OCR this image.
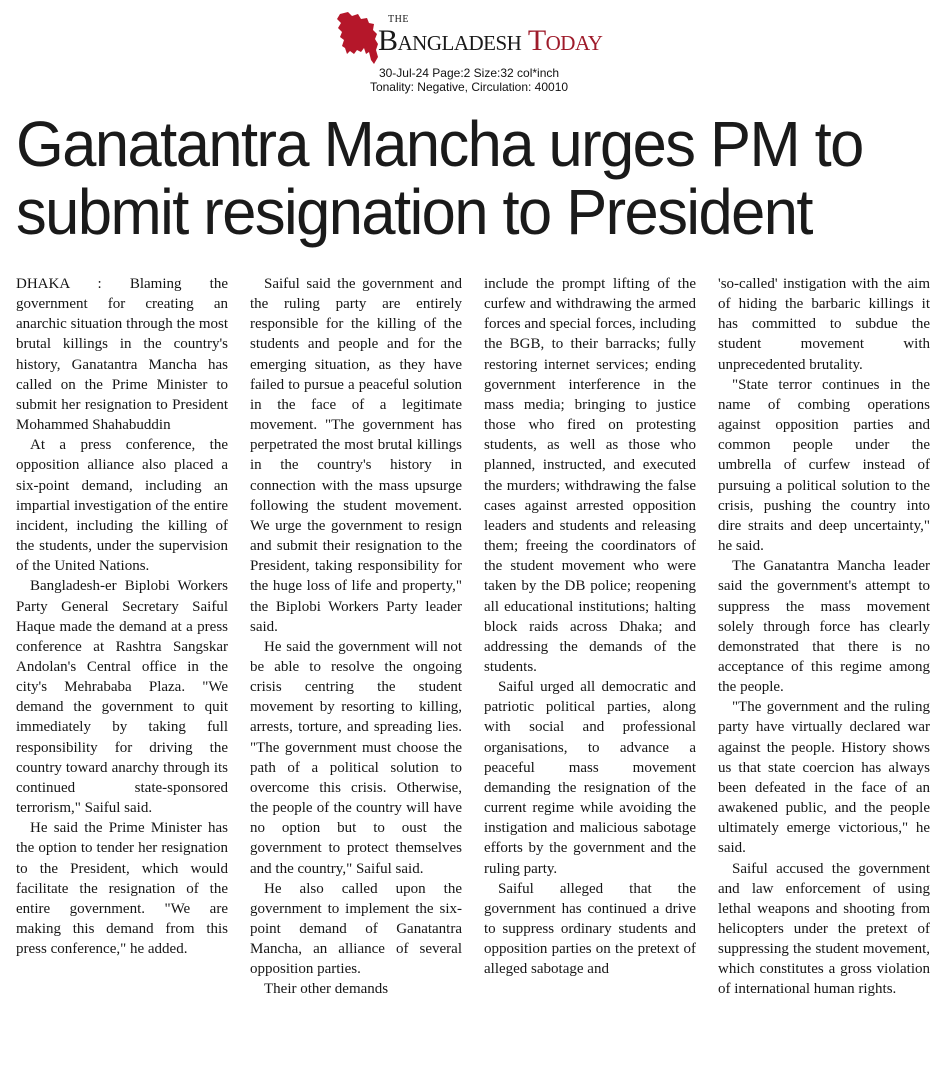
THE
Bangladesh Today
30-Jul-24 Page:2 Size:32 col*inch
Tonality: Negative, Circulation: 40010
Ganatantra Mancha urges PM to
submit resignation to President

DHAKA : Blaming the government for creating an anarchic situation through the most brutal killings in the country's history, Ganatantra Mancha has called on the Prime Minister to submit her resignation to President Mohammed Shahabuddin

At a press conference, the opposition alliance also placed a six-point demand, including an impartial investigation of the entire incident, including the killing of the students, under the supervision of the United Nations.

Bangladesh-er Biplobi Workers Party General Secretary Saiful Haque made the demand at a press conference at Rashtra Sangskar Andolan's Central office in the city's Mehrababa Plaza. "We demand the government to quit immediately by taking full responsibility for driving the country toward anarchy through its continued state-sponsored terrorism," Saiful said.

He said the Prime Minister has the option to tender her resignation to the President, which would facilitate the resignation of the entire government. "We are making this demand from this press conference," he added.

Saiful said the government and the ruling party are entirely responsible for the killing of the students and people and for the emerging situation, as they have failed to pursue a peaceful solution in the face of a legitimate movement. "The government has perpetrated the most brutal killings in the country's history in connection with the mass upsurge following the student movement. We urge the government to resign and submit their resignation to the President, taking responsibility for the huge loss of life and property," the Biplobi Workers Party leader said.

He said the government will not be able to resolve the ongoing crisis centring the student movement by resorting to killing, arrests, torture, and spreading lies. "The government must choose the path of a political solution to overcome this crisis. Otherwise, the people of the country will have no option but to oust the government to protect themselves and the country," Saiful said.

He also called upon the government to implement the six-point demand of Ganatantra Mancha, an alliance of several opposition parties.

Their other demands

include the prompt lifting of the curfew and withdrawing the armed forces and special forces, including the BGB, to their barracks; fully restoring internet services; ending government interference in the mass media; bringing to justice those who fired on protesting students, as well as those who planned, instructed, and executed the murders; withdrawing the false cases against arrested opposition leaders and students and releasing them; freeing the coordinators of the student movement who were taken by the DB police; reopening all educational institutions; halting block raids across Dhaka; and addressing the demands of the students.

Saiful urged all democratic and patriotic political parties, along with social and professional organisations, to advance a peaceful mass movement demanding the resignation of the current regime while avoiding the instigation and malicious sabotage efforts by the government and the ruling party.

Saiful alleged that the government has continued a drive to suppress ordinary students and opposition parties on the pretext of alleged sabotage and

'so-called' instigation with the aim of hiding the barbaric killings it has committed to subdue the student movement with unprecedented brutality.

"State terror continues in the name of combing operations against opposition parties and common people under the umbrella of curfew instead of pursuing a political solution to the crisis, pushing the country into dire straits and deep uncertainty," he said.

The Ganatantra Mancha leader said the government's attempt to suppress the mass movement solely through force has clearly demonstrated that there is no acceptance of this regime among the people.

"The government and the ruling party have virtually declared war against the people. History shows us that state coercion has always been defeated in the face of an awakened public, and the people ultimately emerge victorious," he said.

Saiful accused the government and law enforcement of using lethal weapons and shooting from helicopters under the pretext of suppressing the student movement, which constitutes a gross violation of international human rights.
